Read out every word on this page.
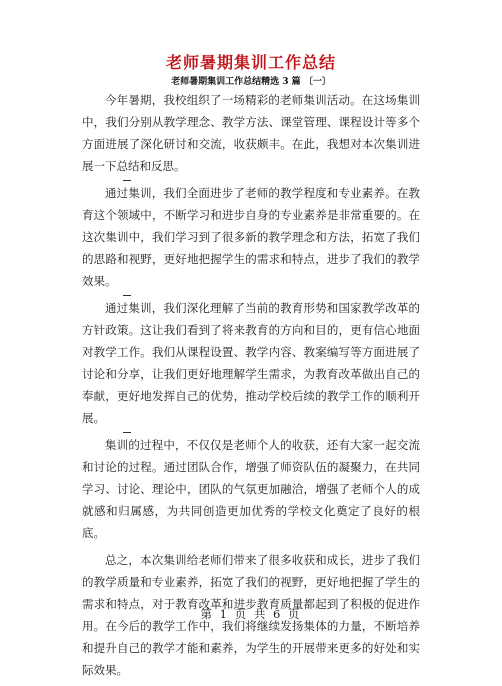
老师暑期集训工作总结
老师暑期集训工作总结精选 3 篇 〔一〕

今年暑期，我校组织了一场精彩的老师集训活动。在这场集训中，我们分别从教学理念、教学方法、课堂管理、课程设计等多个方面进展了深化研讨和交流，收获颇丰。在此，我想对本次集训进展一下总结和反思。

通过集训，我们全面进步了老师的教学程度和专业素养。在教育这个领域中，不断学习和进步自身的专业素养是非常重要的。在这次集训中，我们学习到了很多新的教学理念和方法，拓宽了我们的思路和视野，更好地把握学生的需求和特点，进步了我们的教学效果。

通过集训，我们深化理解了当前的教育形势和国家教学改革的方针政策。这让我们看到了将来教育的方向和目的，更有信心地面对教学工作。我们从课程设置、教学内容、教案编写等方面进展了讨论和分享，让我们更好地理解学生需求，为教育改革做出自己的奉献，更好地发挥自己的优势，推动学校后续的教学工作的顺利开展。

集训的过程中，不仅仅是老师个人的收获，还有大家一起交流和讨论的过程。通过团队合作，增强了师资队伍的凝聚力，在共同学习、讨论、理论中，团队的气氛更加融洽，增强了老师个人的成就感和归属感，为共同创造更加优秀的学校文化奠定了良好的根底。

总之，本次集训给老师们带来了很多收获和成长，进步了我们的教学质量和专业素养，拓宽了我们的视野，更好地把握了学生的需求和特点，对于教育改革和进步教育质量都起到了积极的促进作用。在今后的教学工作中，我们将继续发扬集体的力量，不断培养和提升自己的教学才能和素养，为学生的开展带来更多的好处和实际效果。

第 1 页 共 6 页
